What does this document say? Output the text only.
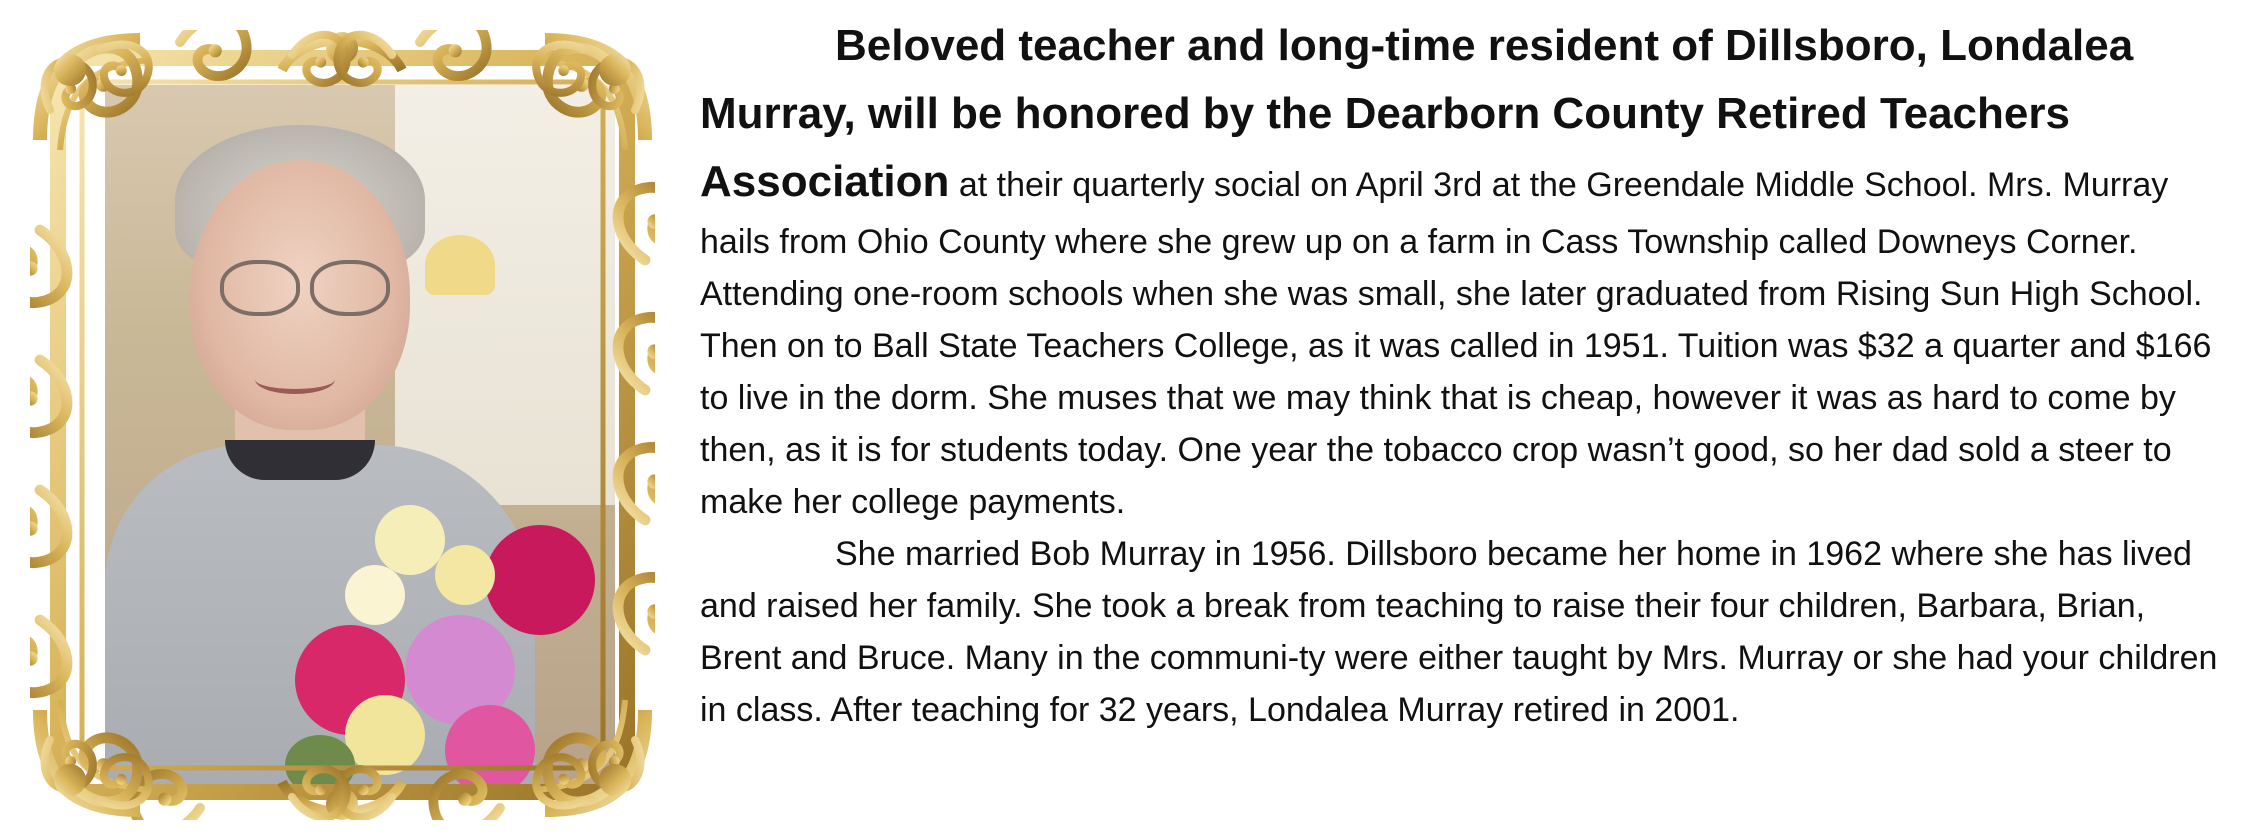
Beloved teacher and long-time resident of Dillsboro, Londalea Murray, will be honored by the Dearborn County Retired Teachers Association at their quarterly social on April 3rd at the Greendale Middle School. Mrs. Murray hails from Ohio County where she grew up on a farm in Cass Township called Downeys Corner. Attending one-room schools when she was small, she later graduated from Rising Sun High School. Then on to Ball State Teachers College, as it was called in 1951. Tuition was $32 a quarter and $166 to live in the dorm. She muses that we may think that is cheap, however it was as hard to come by then, as it is for students today. One year the tobacco crop wasn’t good, so her dad sold a steer to make her college payments.

She married Bob Murray in 1956. Dillsboro became her home in 1962 where she has lived and raised her family. She took a break from teaching to raise their four children, Barbara, Brian, Brent and Bruce. Many in the communi-ty were either taught by Mrs. Murray or she had your children in class. After teaching for 32 years, Londalea Murray retired in 2001.
